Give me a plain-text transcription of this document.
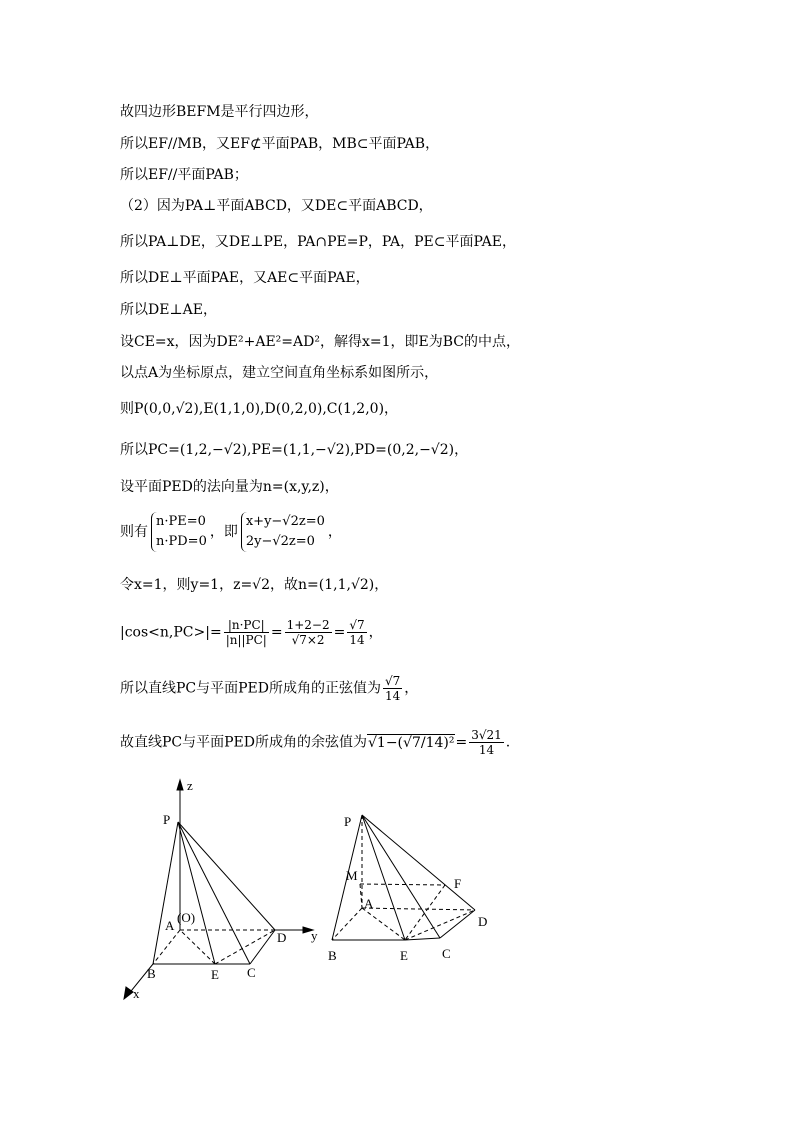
故四边形BEFM是平行四边形，
所以EF//MB，又EF⊄平面PAB，MB⊂平面PAB，
所以EF//平面PAB；
（2）因为PA⊥平面ABCD，又DE⊂平面ABCD，
所以PA⊥DE，又DE⊥PE，PA∩PE=P，PA，PE⊂平面PAE，
所以DE⊥平面PAE，又AE⊂平面PAE，
所以DE⊥AE，
设CE=x，因为DE²+AE²=AD²，解得x=1，即E为BC的中点，
以点A为坐标原点，建立空间直角坐标系如图所示，
则P(0,0,√2),E(1,1,0),D(0,2,0),C(1,2,0)，
所以PC=(1,2,−√2),PE=(1,1,−√2),PD=(0,2,−√2)，
设平面PED的法向量为n=(x,y,z)，
则有
n·PE=0
n·PD=0
，即
x+y−√2z=0
2y−√2z=0
，
令x=1，则y=1，z=√2，故n=(1,1,√2)，
$|\cos<n,PC>|= \frac{|n\cdot PC|}{|n||PC|} = \frac{1+2-2}{√7\times 2} = \frac{√7}{14}$ ，
所以直线PC与平面PED所成角的正弦值为 $\frac{√7}{14}$ ，
故直线PC与平面PED所成角的余弦值为$√1-(√7/14)^2= \frac{3√21}{14}$ .
P
A
(O)
B	E C
D
z
y
x
P
M
A
F
D
B	E	C
